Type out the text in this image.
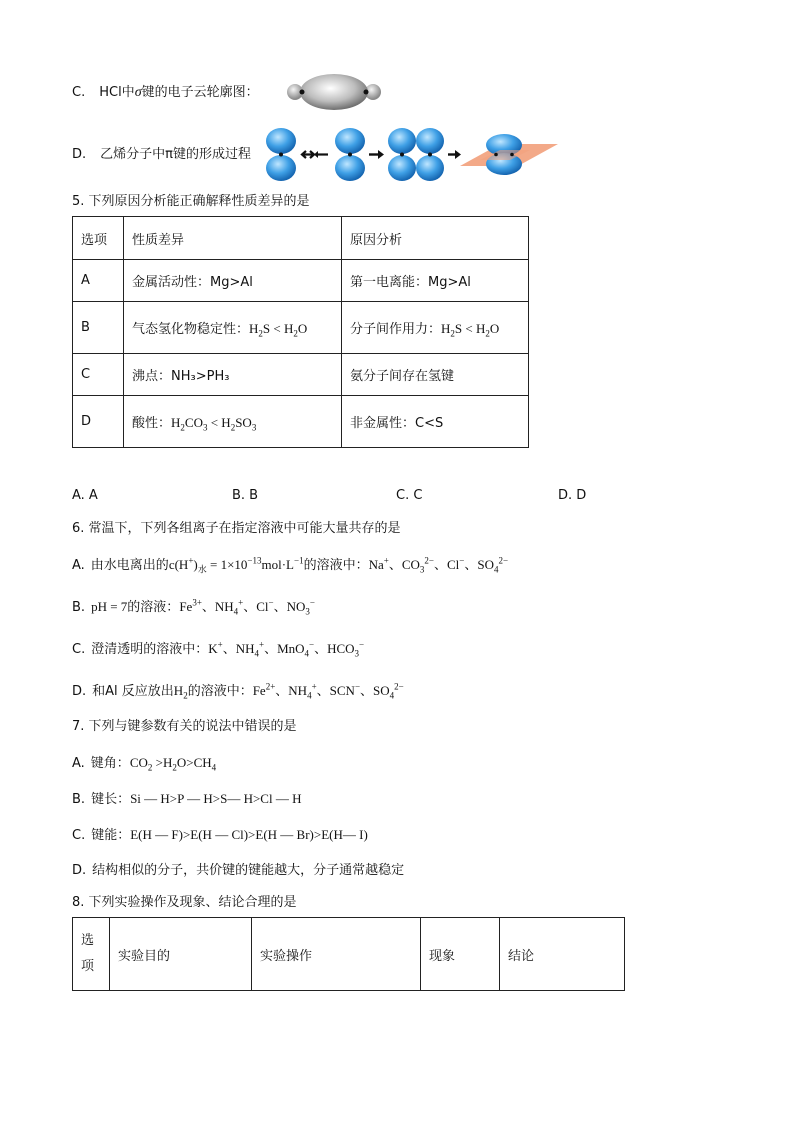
C. HCl中σ键的电子云轮廓图：
D. 乙烯分子中π键的形成过程
5. 下列原因分析能正确解释性质差异的是
选项	性质差异	原因分析
A	金属活动性：Mg>Al	第一电离能：Mg>Al
B	气态氢化物稳定性：$H_2S < H_2O$	分子间作用力：$H_2S < H_2O$
C	沸点：NH₃>PH₃	氨分子间存在氢键
D	酸性：$H_2CO_3 < H_2SO_3$	非金属性：C<S
A. A	B. B	C. C	D. D
6. 常温下，下列各组离子在指定溶液中可能大量共存的是
A. 由水电离出的$c(H^+)_水 = 1\times 10^{-13}mol\cdot L^{-1}$的溶液中：Na+、$CO_3^{2-}$、Cl−、$SO_4^{2-}$
B. pH = 7的溶液：$Fe^{3+}$、$NH_4^+$、Cl−、$NO_3^-$
C. 澄清透明的溶液中：K+、$NH_4^+$、MnO$_4$−、$HCO_3^-$
D. 和Al 反应放出$H_2$的溶液中：$Fe^{2+}$、$NH_4^+$、SCN−、$SO_4^{2-}$
7. 下列与键参数有关的说法中错误的是
A. 键角：$CO_2 >H_2O>CH_4$
B. 键长：Si — H>P — H>S— H>Cl — H
C. 键能：E(H — F)>E(H — Cl)>E(H — Br)>E(H— I)
D. 结构相似的分子，共价键的键能越大，分子通常越稳定
8. 下列实验操作及现象、结论合理的是
选
项	实验目的	实验操作	现象	结论
